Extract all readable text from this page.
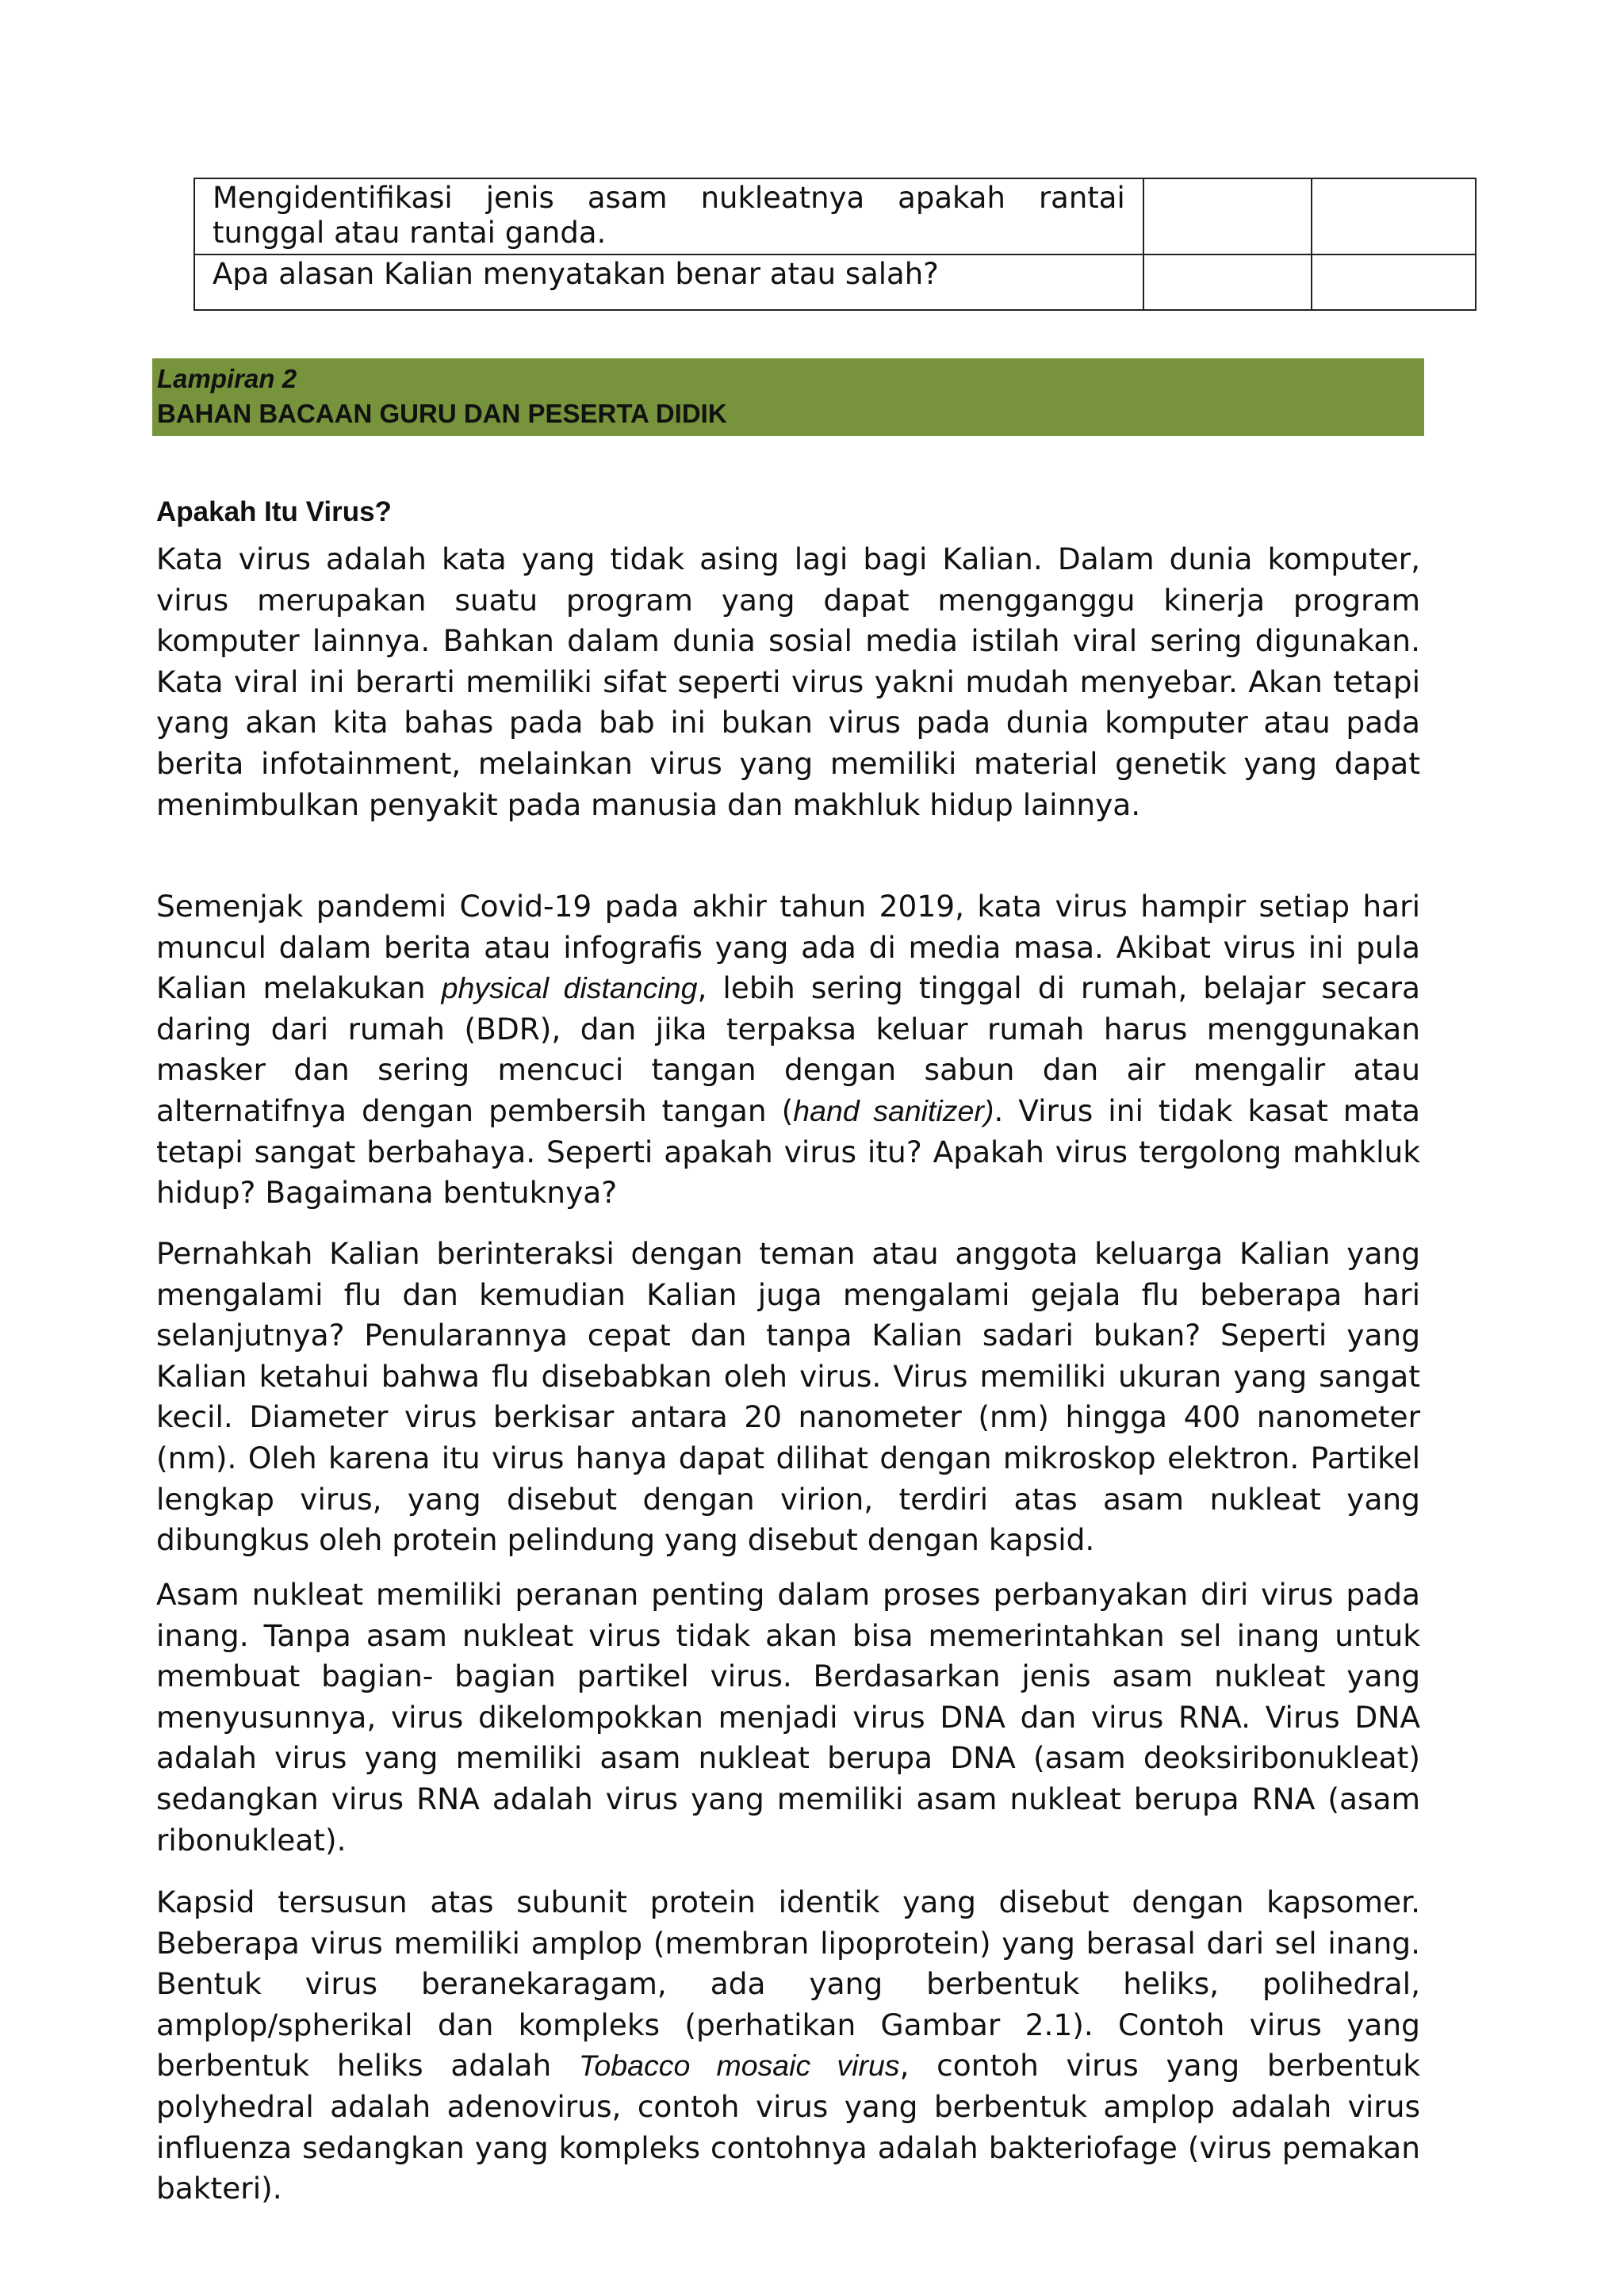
Mengidentifikasi jenis asam nukleatnya apakah rantai tunggal atau rantai ganda.		
Apa alasan Kalian menyatakan benar atau salah?		
Lampiran 2
BAHAN BACAAN GURU DAN PESERTA DIDIK
Apakah Itu Virus?

Kata virus adalah kata yang tidak asing lagi bagi Kalian. Dalam dunia komputer, virus merupakan suatu program yang dapat mengganggu kinerja program komputer lainnya. Bahkan dalam dunia sosial media istilah viral sering digunakan. Kata viral ini berarti memiliki sifat seperti virus yakni mudah menyebar. Akan tetapi yang akan kita bahas pada bab ini bukan virus pada dunia komputer atau pada berita infotainment, melainkan virus yang memiliki material genetik yang dapat menimbulkan penyakit pada manusia dan makhluk hidup lainnya.

Semenjak pandemi Covid-19 pada akhir tahun 2019, kata virus hampir setiap hari muncul dalam berita atau infografis yang ada di media masa. Akibat virus ini pula Kalian melakukan physical distancing, lebih sering tinggal di rumah, belajar secara daring dari rumah (BDR), dan jika terpaksa keluar rumah harus menggunakan masker dan sering mencuci tangan dengan sabun dan air mengalir atau alternatifnya dengan pembersih tangan (hand sanitizer). Virus ini tidak kasat mata tetapi sangat berbahaya. Seperti apakah virus itu? Apakah virus tergolong mahkluk hidup? Bagaimana bentuknya?

Pernahkah Kalian berinteraksi dengan teman atau anggota keluarga Kalian yang mengalami flu dan kemudian Kalian juga mengalami gejala flu beberapa hari selanjutnya? Penularannya cepat dan tanpa Kalian sadari bukan? Seperti yang Kalian ketahui bahwa flu disebabkan oleh virus. Virus memiliki ukuran yang sangat kecil. Diameter virus berkisar antara 20 nanometer (nm) hingga 400 nanometer (nm). Oleh karena itu virus hanya dapat dilihat dengan mikroskop elektron. Partikel lengkap virus, yang disebut dengan virion, terdiri atas asam nukleat yang dibungkus oleh protein pelindung yang disebut dengan kapsid.

Asam nukleat memiliki peranan penting dalam proses perbanyakan diri virus pada inang. Tanpa asam nukleat virus tidak akan bisa memerintahkan sel inang untuk membuat bagian- bagian partikel virus. Berdasarkan jenis asam nukleat yang menyusunnya, virus dikelompokkan menjadi virus DNA dan virus RNA. Virus DNA adalah virus yang memiliki asam nukleat berupa DNA (asam deoksiribonukleat) sedangkan virus RNA adalah virus yang memiliki asam nukleat berupa RNA (asam ribonukleat).

Kapsid tersusun atas subunit protein identik yang disebut dengan kapsomer. Beberapa virus memiliki amplop (membran lipoprotein) yang berasal dari sel inang. Bentuk virus beranekaragam, ada yang berbentuk heliks, polihedral, amplop/spherikal dan kompleks (perhatikan Gambar 2.1). Contoh virus yang berbentuk heliks adalah Tobacco mosaic virus, contoh virus yang berbentuk polyhedral adalah adenovirus, contoh virus yang berbentuk amplop adalah virus influenza sedangkan yang kompleks contohnya adalah bakteriofage (virus pemakan bakteri).
